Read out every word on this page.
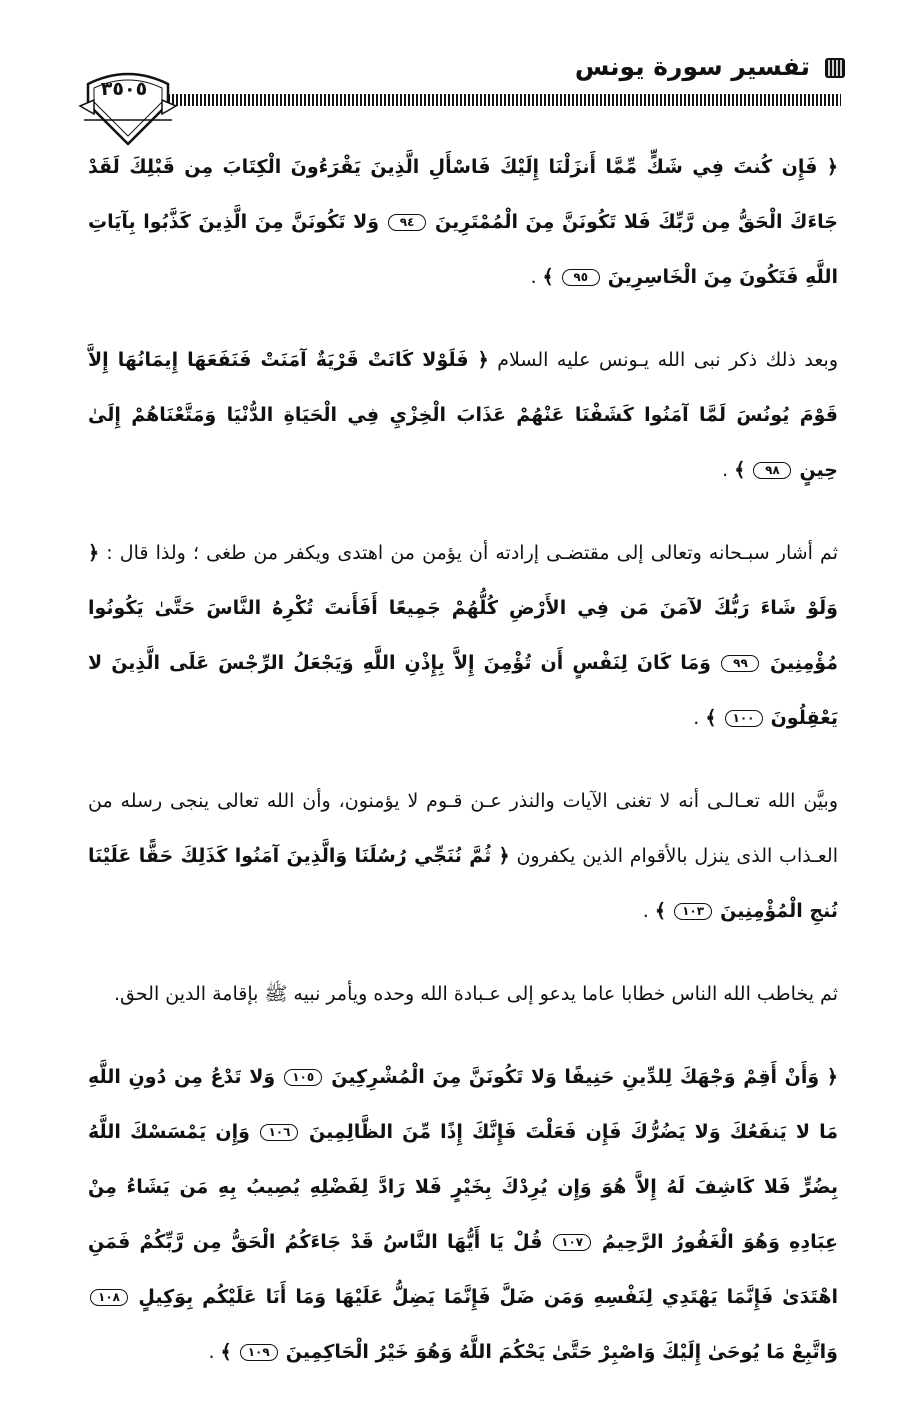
تفسير سورة يونس
٣٥٠٥

﴿ فَإِن كُنتَ فِي شَكٍّ مِّمَّا أَنزَلْنَا إِلَيْكَ فَاسْأَلِ الَّذِينَ يَقْرَءُونَ الْكِتَابَ مِن قَبْلِكَ لَقَدْ جَاءَكَ الْحَقُّ مِن رَّبِّكَ فَلا تَكُونَنَّ مِنَ الْمُمْتَرِينَ ٩٤ وَلا تَكُونَنَّ مِنَ الَّذِينَ كَذَّبُوا بِآيَاتِ اللَّهِ فَتَكُونَ مِنَ الْخَاسِرِينَ ٩٥ ﴾ .

وبعد ذلك ذكر نبى الله يـونس عليه السلام ﴿ فَلَوْلا كَانَتْ قَرْيَةٌ آمَنَتْ فَنَفَعَهَا إِيمَانُهَا إِلاَّ قَوْمَ يُونُسَ لَمَّا آمَنُوا كَشَفْنَا عَنْهُمْ عَذَابَ الْخِزْيِ فِي الْحَيَاةِ الدُّنْيَا وَمَتَّعْنَاهُمْ إِلَىٰ حِينٍ ٩٨ ﴾ .

ثم أشار سبـحانه وتعالى إلى مقتضـى إرادته أن يؤمن من اهتدى ويكفر من طغى ؛ ولذا قال : ﴿ وَلَوْ شَاءَ رَبُّكَ لآمَنَ مَن فِي الأَرْضِ كُلُّهُمْ جَمِيعًا أَفَأَنتَ تُكْرِهُ النَّاسَ حَتَّىٰ يَكُونُوا مُؤْمِنِينَ ٩٩ وَمَا كَانَ لِنَفْسٍ أَن تُؤْمِنَ إِلاَّ بِإِذْنِ اللَّهِ وَيَجْعَلُ الرِّجْسَ عَلَى الَّذِينَ لا يَعْقِلُونَ ١٠٠ ﴾ .

وبيَّن الله تعـالـى أنه لا تغنى الآيات والنذر عـن قـوم لا يؤمنون، وأن الله تعالى ينجى رسله من العـذاب الذى ينزل بالأقوام الذين يكفرون ﴿ ثُمَّ نُنَجِّي رُسُلَنَا وَالَّذِينَ آمَنُوا كَذَلِكَ حَقًّا عَلَيْنَا نُنجِ الْمُؤْمِنِينَ ١٠٣ ﴾ .

ثم يخاطب الله الناس خطابا عاما يدعو إلى عـبادة الله وحده ويأمر نبيه ﷺ بإقامة الدين الحق.

﴿ وَأَنْ أَقِمْ وَجْهَكَ لِلدِّينِ حَنِيفًا وَلا تَكُونَنَّ مِنَ الْمُشْرِكِينَ ١٠٥ وَلا تَدْعُ مِن دُونِ اللَّهِ مَا لا يَنفَعُكَ وَلا يَضُرُّكَ فَإِن فَعَلْتَ فَإِنَّكَ إِذًا مِّنَ الظَّالِمِينَ ١٠٦ وَإِن يَمْسَسْكَ اللَّهُ بِضُرٍّ فَلا كَاشِفَ لَهُ إِلاَّ هُوَ وَإِن يُرِدْكَ بِخَيْرٍ فَلا رَادَّ لِفَضْلِهِ يُصِيبُ بِهِ مَن يَشَاءُ مِنْ عِبَادِهِ وَهُوَ الْغَفُورُ الرَّحِيمُ ١٠٧ قُلْ يَا أَيُّهَا النَّاسُ قَدْ جَاءَكُمُ الْحَقُّ مِن رَّبِّكُمْ فَمَنِ اهْتَدَىٰ فَإِنَّمَا يَهْتَدِي لِنَفْسِهِ وَمَن ضَلَّ فَإِنَّمَا يَضِلُّ عَلَيْهَا وَمَا أَنَا عَلَيْكُم بِوَكِيلٍ ١٠٨ وَاتَّبِعْ مَا يُوحَىٰ إِلَيْكَ وَاصْبِرْ حَتَّىٰ يَحْكُمَ اللَّهُ وَهُوَ خَيْرُ الْحَاكِمِينَ ١٠٩ ﴾ .
